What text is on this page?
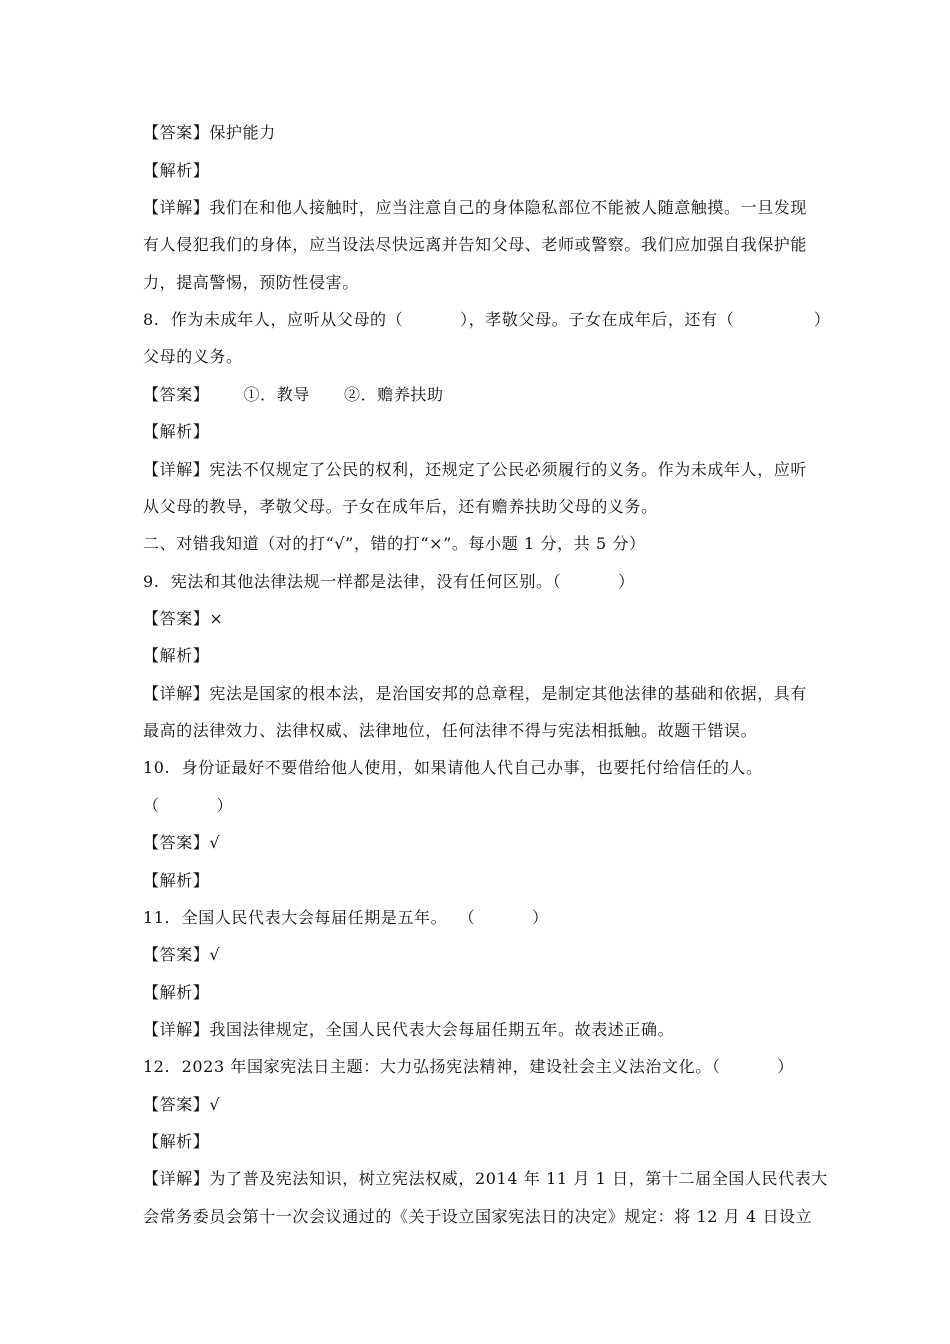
【答案】保护能力
【解析】
【详解】我们在和他人接触时，应当注意自己的身体隐私部位不能被人随意触摸。一旦发现
有人侵犯我们的身体，应当设法尽快远离并告知父母、老师或警察。我们应加强自我保护能
力，提高警惕，预防性侵害。
8.  作为未成年人，应听从父母的（          ），孝敬父母。子女在成年后，还有（              ）
父母的义务。
【答案】      ①．教导      ②．赡养扶助
【解析】
【详解】宪法不仅规定了公民的权利，还规定了公民必须履行的义务。作为未成年人，应听
从父母的教导，孝敬父母。子女在成年后，还有赡养扶助父母的义务。
二、对错我知道（对的打“√”，错的打“×”。每小题 1 分，共 5 分）
9.  宪法和其他法律法规一样都是法律，没有任何区别。（          ）
【答案】×
【解析】
【详解】宪法是国家的根本法，是治国安邦的总章程，是制定其他法律的基础和依据，具有
最高的法律效力、法律权威、法律地位，任何法律不得与宪法相抵触。故题干错误。
10.  身份证最好不要借给他人使用，如果请他人代自己办事，也要托付给信任的人。
（          ）
【答案】√
【解析】
11.  全国人民代表大会每届任期是五年。  （          ）
【答案】√
【解析】
【详解】我国法律规定，全国人民代表大会每届任期五年。故表述正确。
12.  2023 年国家宪法日主题：大力弘扬宪法精神，建设社会主义法治文化。（          ）
【答案】√
【解析】
【详解】为了普及宪法知识，树立宪法权威，2014 年 11 月 1 日，第十二届全国人民代表大
会常务委员会第十一次会议通过的《关于设立国家宪法日的决定》规定：将 12 月 4 日设立
